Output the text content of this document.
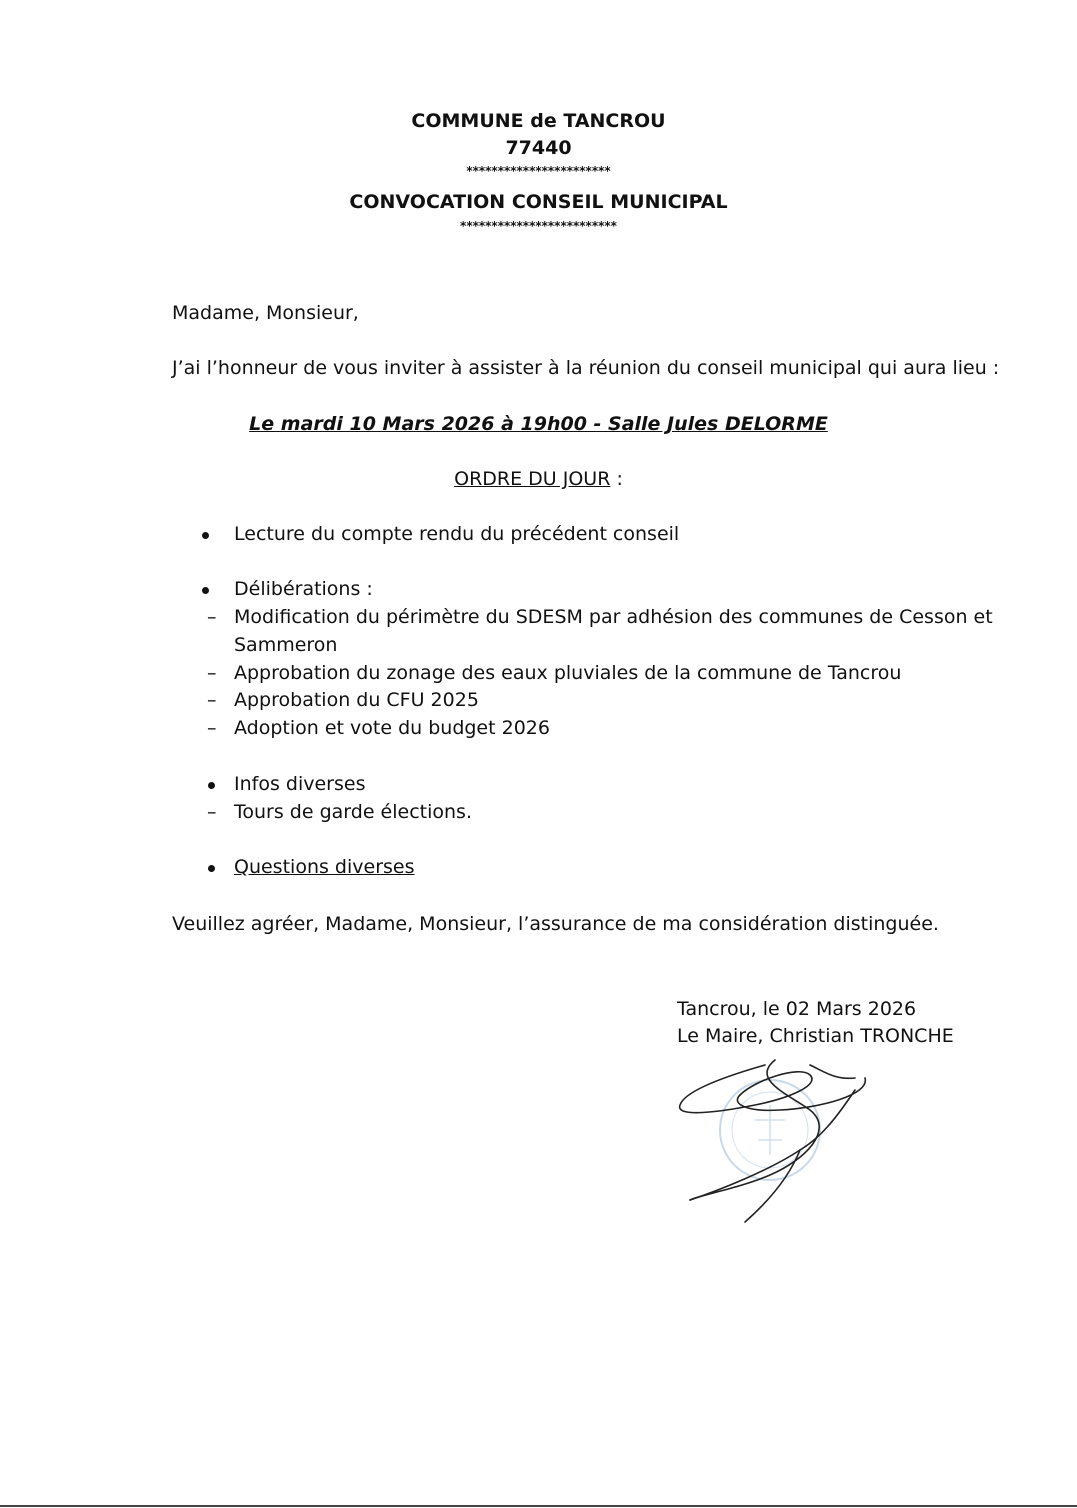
COMMUNE de TANCROU
77440
***********************
CONVOCATION CONSEIL MUNICIPAL
*************************
Madame, Monsieur,
J’ai l’honneur de vous inviter à assister à la réunion du conseil municipal qui aura lieu :
Le mardi 10 Mars 2026 à 19h00 - Salle Jules DELORME
ORDRE DU JOUR :
Lecture du compte rendu du précédent conseil
Délibérations :
– Modification du périmètre du SDESM par adhésion des communes de Cesson et
Sammeron
– Approbation du zonage des eaux pluviales de la commune de Tancrou
– Approbation du CFU 2025
– Adoption et vote du budget 2026
Infos diverses
– Tours de garde élections.
Questions diverses
Veuillez agréer, Madame, Monsieur, l’assurance de ma considération distinguée.
Tancrou, le 02 Mars 2026
Le Maire, Christian TRONCHE
